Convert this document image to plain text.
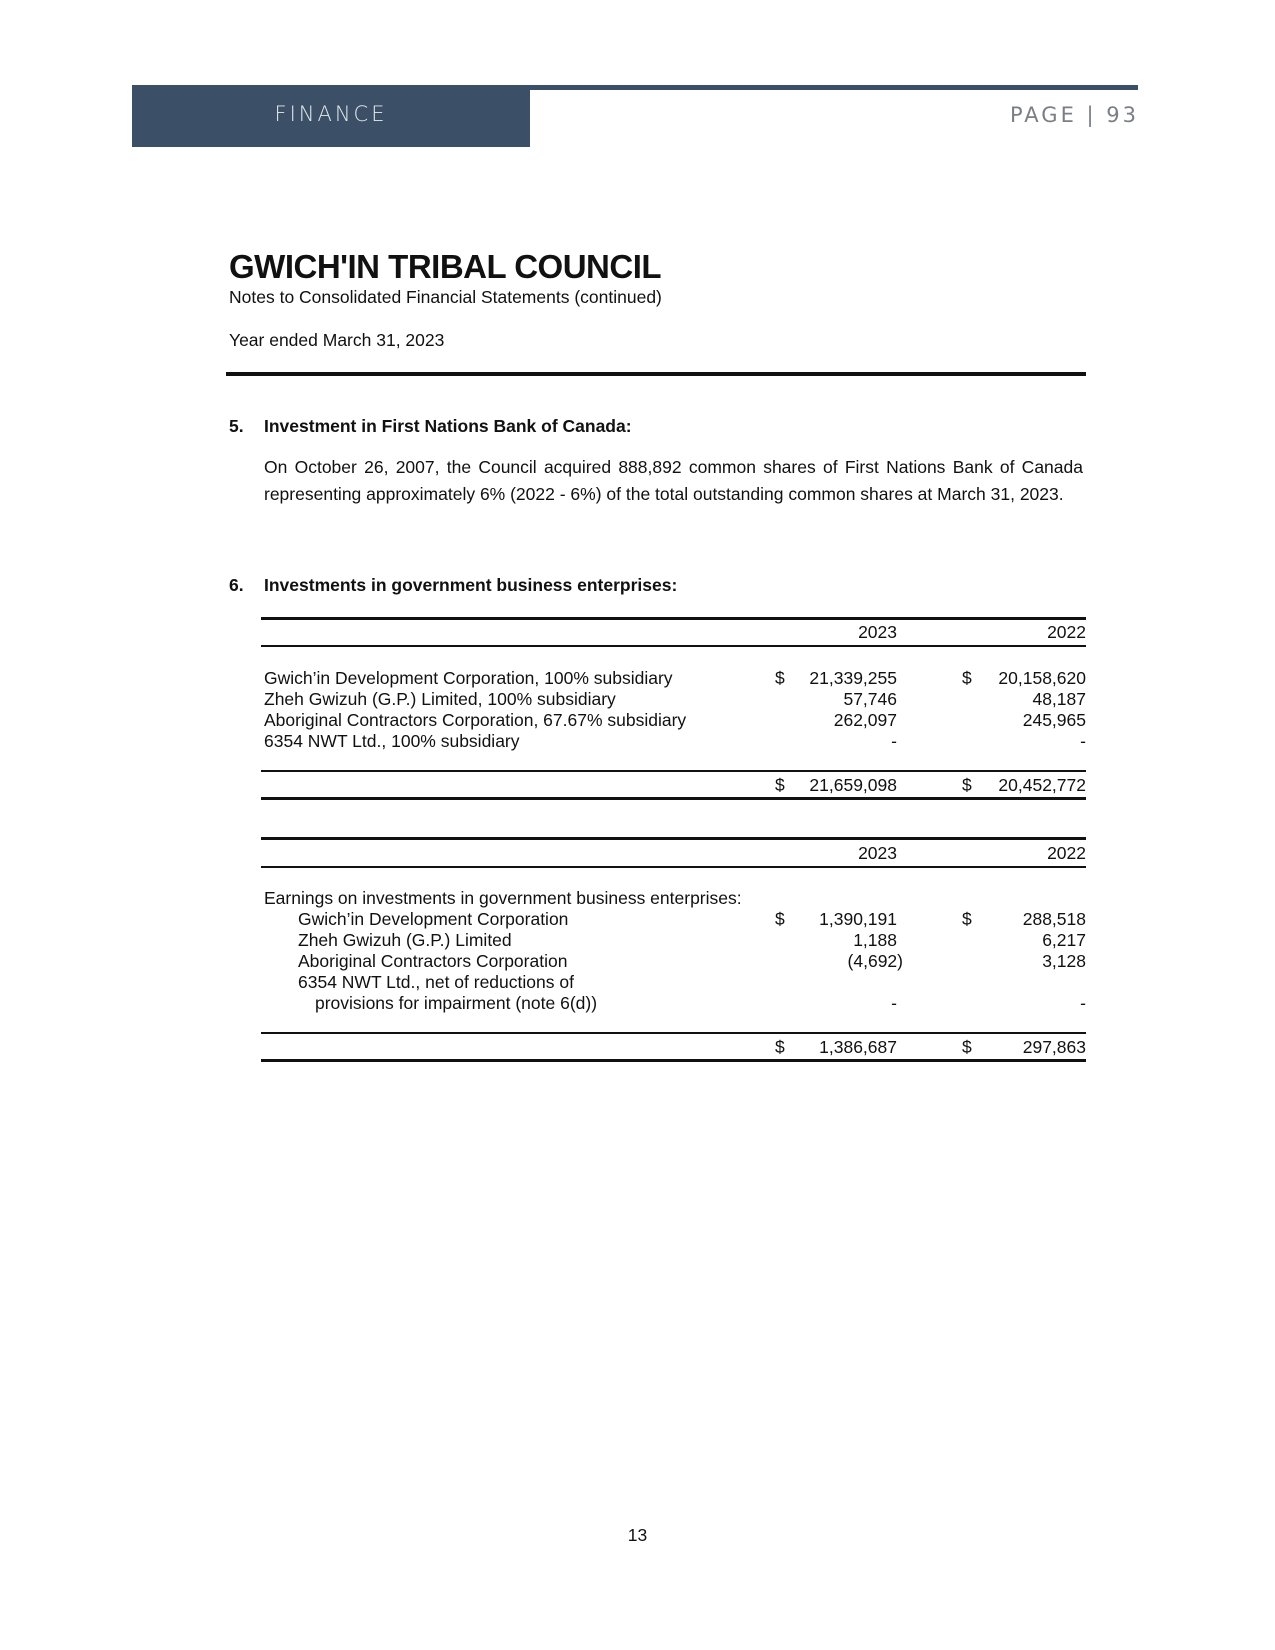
FINANCE	PAGE | 93
GWICH'IN TRIBAL COUNCIL
Notes to Consolidated Financial Statements (continued)
Year ended March 31, 2023
5. Investment in First Nations Bank of Canada:
On October 26, 2007, the Council acquired 888,892 common shares of First Nations Bank of Canada representing approximately 6% (2022 - 6%) of the total outstanding common shares at March 31, 2023.
6. Investments in government business enterprises:
2023	2022
Gwich’in Development Corporation, 100% subsidiary	$ 21,339,255	$ 20,158,620
Zheh Gwizuh (G.P.) Limited, 100% subsidiary	57,746	48,187
Aboriginal Contractors Corporation, 67.67% subsidiary	262,097	245,965
6354 NWT Ltd., 100% subsidiary	-	-
$ 21,659,098	$ 20,452,772
2023	2022
Earnings on investments in government business enterprises:
Gwich’in Development Corporation	$ 1,390,191	$	288,518
Zheh Gwizuh (G.P.) Limited	1,188	6,217
Aboriginal Contractors Corporation	(4,692)	3,128
6354 NWT Ltd., net of reductions of
provisions for impairment (note 6(d))	-	-
$ 1,386,687	$	297,863
13
